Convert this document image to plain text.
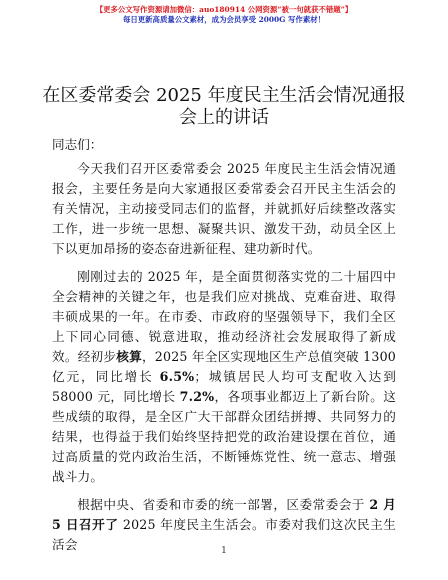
【更多公文写作资源请加微信：auo180914 公网资源“被一句就获不错题”】
每日更新高质量公文素材，成为会员享受 2000G 写作素材！
在区委常委会 2025 年度民主生活会情况通报会上的讲话

同志们：

今天我们召开区委常委会 2025 年度民主生活会情况通报会，主要任务是向大家通报区委常委会召开民主生活会的有关情况，主动接受同志们的监督，并就抓好后续整改落实工作，进一步统一思想、凝聚共识、激发干劲，动员全区上下以更加昂扬的姿态奋进新征程、建功新时代。

刚刚过去的 2025 年，是全面贯彻落实党的二十届四中全会精神的关键之年，也是我们应对挑战、克难奋进、取得丰硕成果的一年。在市委、市政府的坚强领导下，我们全区上下同心同德、锐意进取，推动经济社会发展取得了新成效。经初步核算，2025 年全区实现地区生产总值突破 1300 亿元，同比增长 6.5%；城镇居民人均可支配收入达到 58000 元，同比增长 7.2%，各项事业都迈上了新台阶。这些成绩的取得，是全区广大干部群众团结拼搏、共同努力的结果，也得益于我们始终坚持把党的政治建设摆在首位，通过高质量的党内政治生活，不断锤炼党性、统一意志、增强战斗力。

根据中央、省委和市委的统一部署，区委常委会于 2 月 5 日召开了 2025 年度民主生活会。市委对我们这次民主生活会	1
